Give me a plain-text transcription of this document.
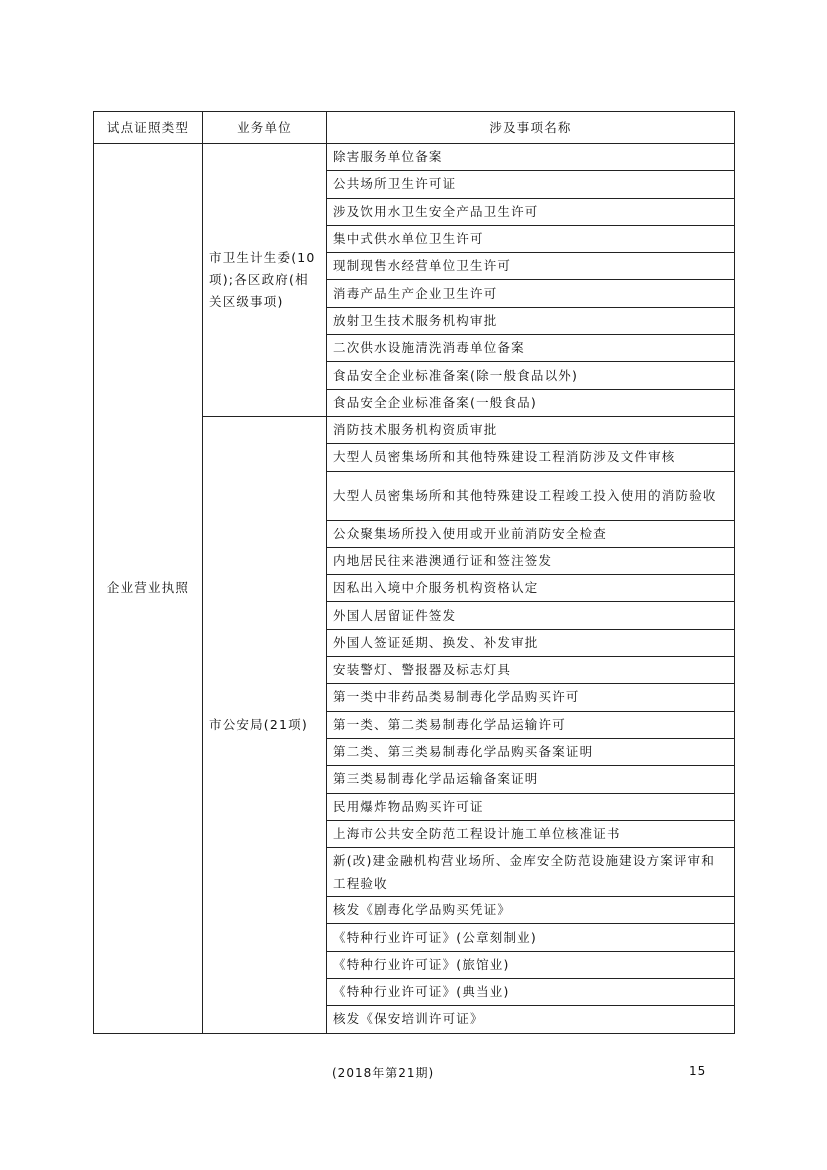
试点证照类型	业务单位	涉及事项名称
企业营业执照	市卫生计生委(10项);各区政府(相关区级事项)	除害服务单位备案
		公共场所卫生许可证
		涉及饮用水卫生安全产品卫生许可
		集中式供水单位卫生许可
		现制现售水经营单位卫生许可
		消毒产品生产企业卫生许可
		放射卫生技术服务机构审批
		二次供水设施清洗消毒单位备案
		食品安全企业标准备案(除一般食品以外)
		食品安全企业标准备案(一般食品)
	市公安局(21项)	消防技术服务机构资质审批
		大型人员密集场所和其他特殊建设工程消防涉及文件审核
		大型人员密集场所和其他特殊建设工程竣工投入使用的消防验收
		公众聚集场所投入使用或开业前消防安全检查
		内地居民往来港澳通行证和签注签发
		因私出入境中介服务机构资格认定
		外国人居留证件签发
		外国人签证延期、换发、补发审批
		安装警灯、警报器及标志灯具
		第一类中非药品类易制毒化学品购买许可
		第一类、第二类易制毒化学品运输许可
		第二类、第三类易制毒化学品购买备案证明
		第三类易制毒化学品运输备案证明
		民用爆炸物品购买许可证
		上海市公共安全防范工程设计施工单位核准证书
		新(改)建金融机构营业场所、金库安全防范设施建设方案评审和工程验收
		核发《剧毒化学品购买凭证》
		《特种行业许可证》(公章刻制业)
		《特种行业许可证》(旅馆业)
		《特种行业许可证》(典当业)
		核发《保安培训许可证》
(2018年第21期)	15
